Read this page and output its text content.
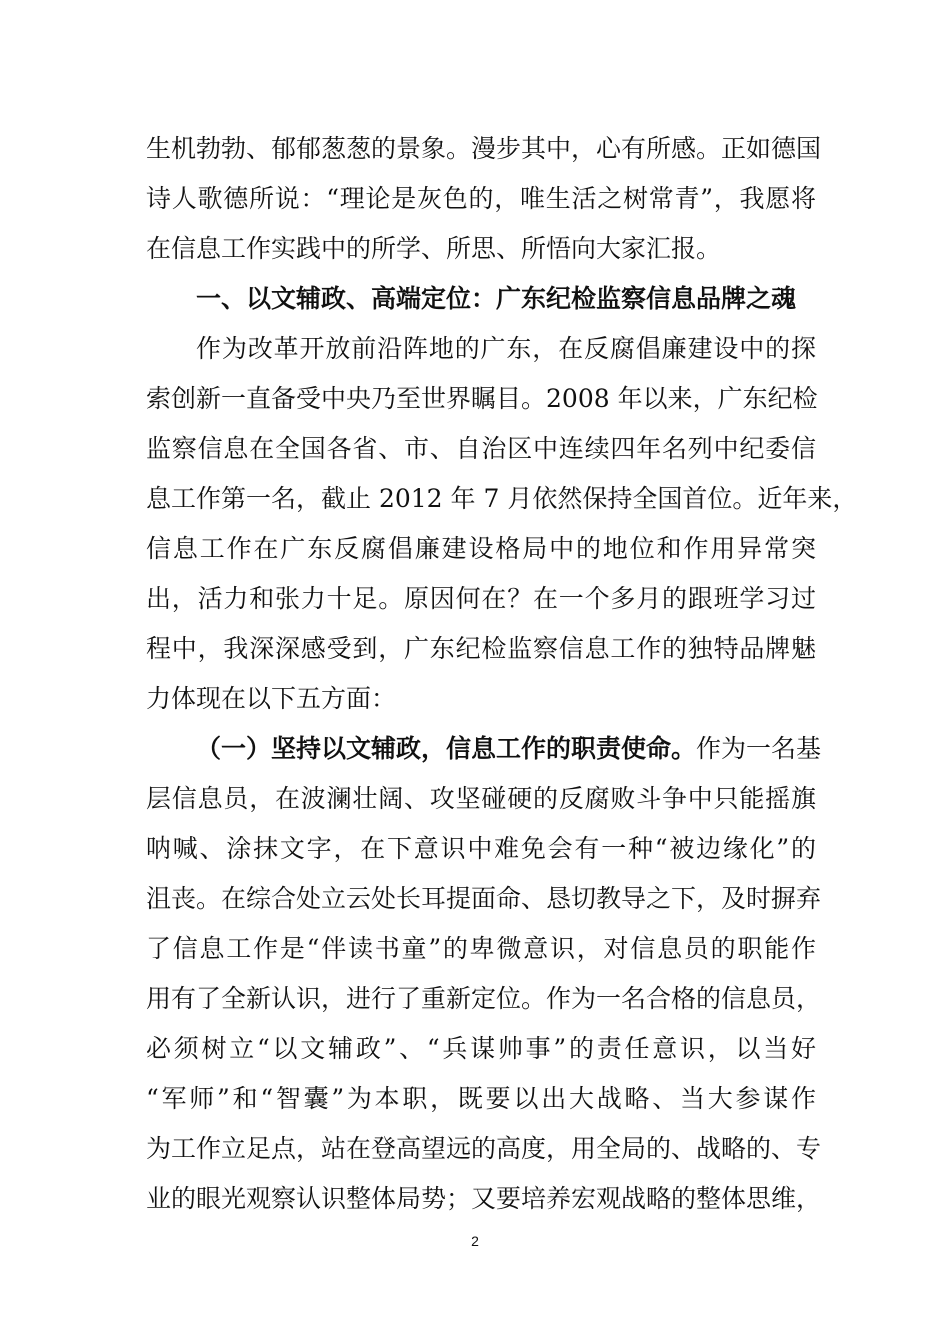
生机勃勃、郁郁葱葱的景象。漫步其中，心有所感。正如德国
诗人歌德所说：“理论是灰色的，唯生活之树常青”，我愿将
在信息工作实践中的所学、所思、所悟向大家汇报。
一、以文辅政、高端定位：广东纪检监察信息品牌之魂
作为改革开放前沿阵地的广东，在反腐倡廉建设中的探
索创新一直备受中央乃至世界瞩目。2008 年以来，广东纪检
监察信息在全国各省、市、自治区中连续四年名列中纪委信
息工作第一名，截止 2012 年 7 月依然保持全国首位。近年来，
信息工作在广东反腐倡廉建设格局中的地位和作用异常突
出，活力和张力十足。原因何在？在一个多月的跟班学习过
程中，我深深感受到，广东纪检监察信息工作的独特品牌魅
力体现在以下五方面：
（一）坚持以文辅政，信息工作的职责使命。作为一名基
层信息员，在波澜壮阔、攻坚碰硬的反腐败斗争中只能摇旗
呐喊、涂抹文字，在下意识中难免会有一种“被边缘化”的
沮丧。在综合处立云处长耳提面命、恳切教导之下，及时摒弃
了信息工作是“伴读书童”的卑微意识，对信息员的职能作
用有了全新认识，进行了重新定位。作为一名合格的信息员，
必须树立“以文辅政”、“兵谋帅事”的责任意识，以当好
“军师”和“智囊”为本职，既要以出大战略、当大参谋作
为工作立足点，站在登高望远的高度，用全局的、战略的、专
业的眼光观察认识整体局势；又要培养宏观战略的整体思维，
2
